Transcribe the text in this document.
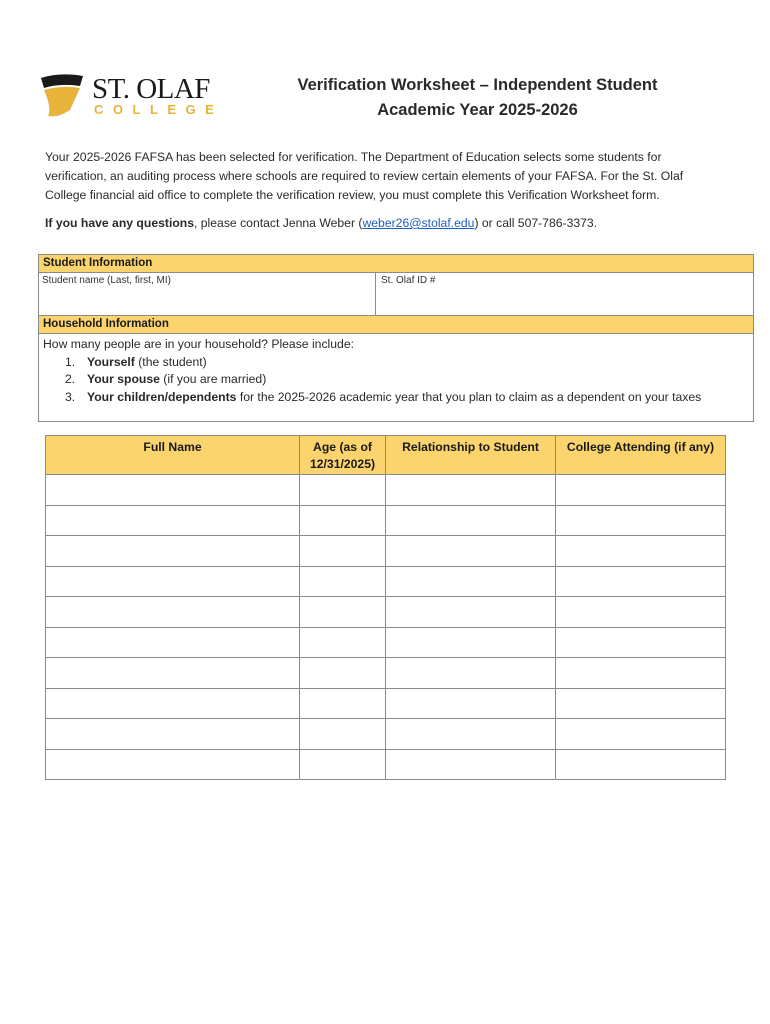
ST. OLAF
COLLEGE
Verification Worksheet – Independent Student
Academic Year 2025-2026
Your 2025-2026 FAFSA has been selected for verification. The Department of Education selects some students for verification, an auditing process where schools are required to review certain elements of your FAFSA. For the St. Olaf College financial aid office to complete the verification review, you must complete this Verification Worksheet form.
If you have any questions, please contact Jenna Weber (weber26@stolaf.edu) or call 507-786-3373.
Student Information
Student name (Last, first, MI)	St. Olaf ID #
Household Information
How many people are in your household? Please include:
1. Yourself (the student)
2. Your spouse (if you are married)
3. Your children/dependents for the 2025-2026 academic year that you plan to claim as a dependent on your taxes
Full Name	Age (as of 12/31/2025)	Relationship to Student	College Attending (if any)
